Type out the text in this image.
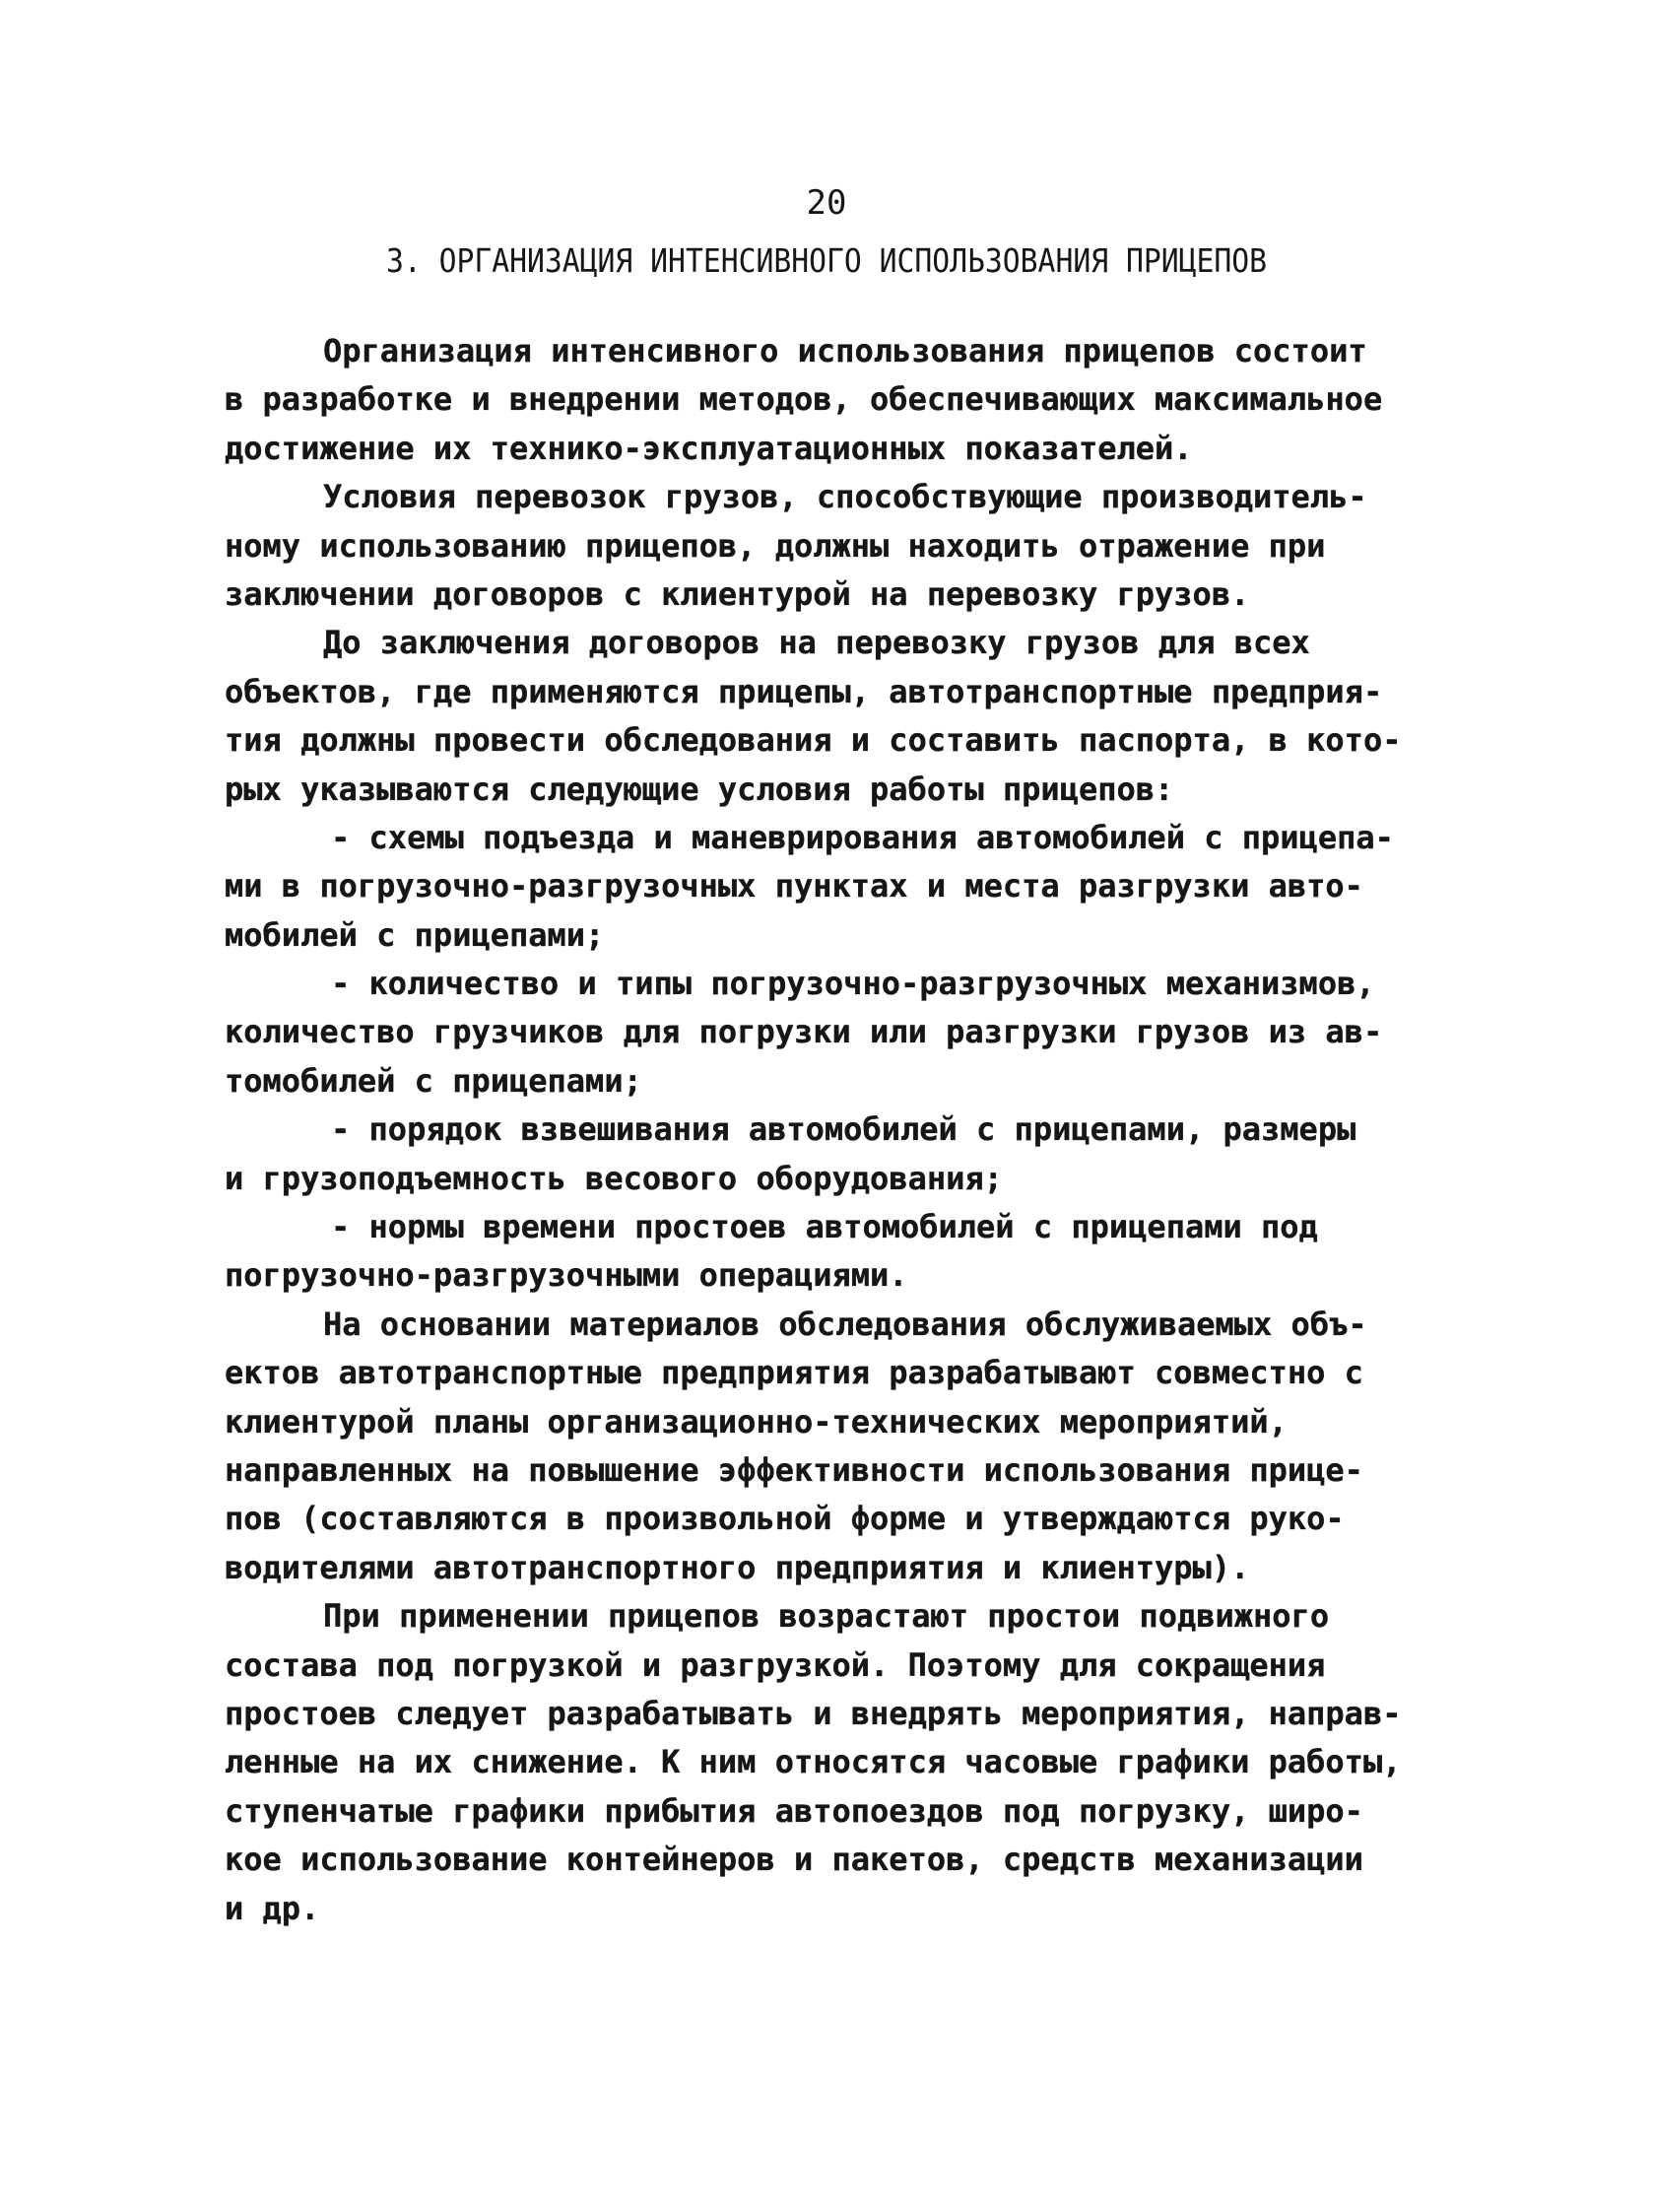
20
3. ОРГАНИЗАЦИЯ ИНТЕНСИВНОГО ИСПОЛЬЗОВАНИЯ ПРИЦЕПОВ
Организация интенсивного использования прицепов состоит
в разработке и внедрении методов, обеспечивающих максимальное
достижение их технико-эксплуатационных показателей.
Условия перевозок грузов, способствующие производитель-
ному использованию прицепов, должны находить отражение при
заключении договоров с клиентурой на перевозку грузов.
До заключения договоров на перевозку грузов для всех
объектов, где применяются прицепы, автотранспортные предприя-
тия должны провести обследования и составить паспорта, в кото-
рых указываются следующие условия работы прицепов:
- схемы подъезда и маневрирования автомобилей с прицепа-
ми в погрузочно-разгрузочных пунктах и места разгрузки авто-
мобилей с прицепами;
- количество и типы погрузочно-разгрузочных механизмов,
количество грузчиков для погрузки или разгрузки грузов из ав-
томобилей с прицепами;
- порядок взвешивания автомобилей с прицепами, размеры
и грузоподъемность весового оборудования;
- нормы времени простоев автомобилей с прицепами под
погрузочно-разгрузочными операциями.
На основании материалов обследования обслуживаемых объ-
ектов автотранспортные предприятия разрабатывают совместно с
клиентурой планы организационно-технических мероприятий,
направленных на повышение эффективности использования прице-
пов (составляются в произвольной форме и утверждаются руко-
водителями автотранспортного предприятия и клиентуры).
При применении прицепов возрастают простои подвижного
состава под погрузкой и разгрузкой. Поэтому для сокращения
простоев следует разрабатывать и внедрять мероприятия, направ-
ленные на их снижение. К ним относятся часовые графики работы,
ступенчатые графики прибытия автопоездов под погрузку, широ-
кое использование контейнеров и пакетов, средств механизации
и др.
